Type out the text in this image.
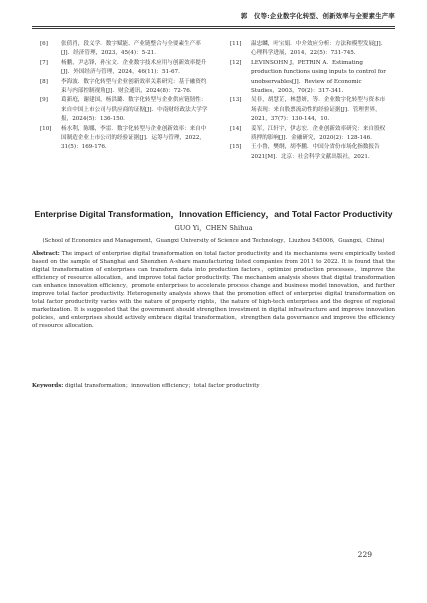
郭　仪等:企业数字化转型、创新效率与全要素生产率
[6]	张倩肖，段义学．数字赋能、产业链整合与全要素生产率[J]．经济管理，2023，45(4)：5-21.
[7]	杨鹏，尹志锋，孙宝文．企业数字技术应用与创新效率提升[J]．外国经济与管理，2024，46(11)：51-67.
[8]	李海波．数字化转型与企业创新效率关系研究：基于融资约束与内部控制视角[J]．财会通讯，2024(8)：72-76.
[9]	葛新庭，谢建国，杨洪璐．数字化转型与企业供应链韧性：来自中国上市公司与供应商的证据[J]．中南财经政法大学学报，2024(5)：136-150.
[10]	杨水利，陈娜，李雷．数字化转型与企业创新效率：来自中国制造企业上市公司的经验证据[J]．运筹与管理，2022，31(5)：169-176.
[11]	温忠麟，叶宝娟．中介效应分析：方法和模型发展[J]．心理科学进展，2014，22(5)：731-745.
[12]	LEVINSOHN J，PETRIN A．Estimating production functions using inputs to control for unobservables[J]．Review of Economic Studies，2003，70(2)：317-341.
[13]	吴非，胡慧芷，林慧妍，等．企业数字化转型与资本市场表现：来自股票流动性的经验证据[J]．管理世界，2021，37(7)：130-144，10.
[14]	姜军，江轩宇，伊志宏．企业创新效率研究：来自股权质押的影响[J]．金融研究，2020(2)：128-146.
[15]	王小鲁，樊纲，胡李鹏．中国分省份市场化指数报告2021[M]．北京：社会科学文献出版社，2021.
Enterprise Digital Transformation，Innovation Efficiency，and Total Factor Productivity
GUO Yi，CHEN Shihua
(School of Economics and Management，Guangxi University of Science and Technology，Liuzhou 545006，Guangxi，China)
Abstract: The impact of enterprise digital transformation on total factor productivity and its mechanisms were empirically tested based on the sample of Shanghai and Shenzhen A-share manufacturing listed companies from 2011 to 2022. It is found that the digital transformation of enterprises can transform data into production factors，optimize production processes，improve the efficiency of resource allocation，and improve total factor productivity. The mechanism analysis shows that digital transformation can enhance innovation efficiency，promote enterprises to accelerate process change and business model innovation，and further improve total factor productivity. Heterogeneity analysis shows that the promotion effect of enterprise digital transformation on total factor productivity varies with the nature of property rights，the nature of high-tech enterprises and the degree of regional marketization. It is suggested that the government should strengthen investment in digital infrastructure and improve innovation policies，and enterprises should actively embrace digital transformation，strengthen data governance and improve the efficiency of resource allocation.
Keywords: digital transformation；innovation efficiency；total factor productivity
229
